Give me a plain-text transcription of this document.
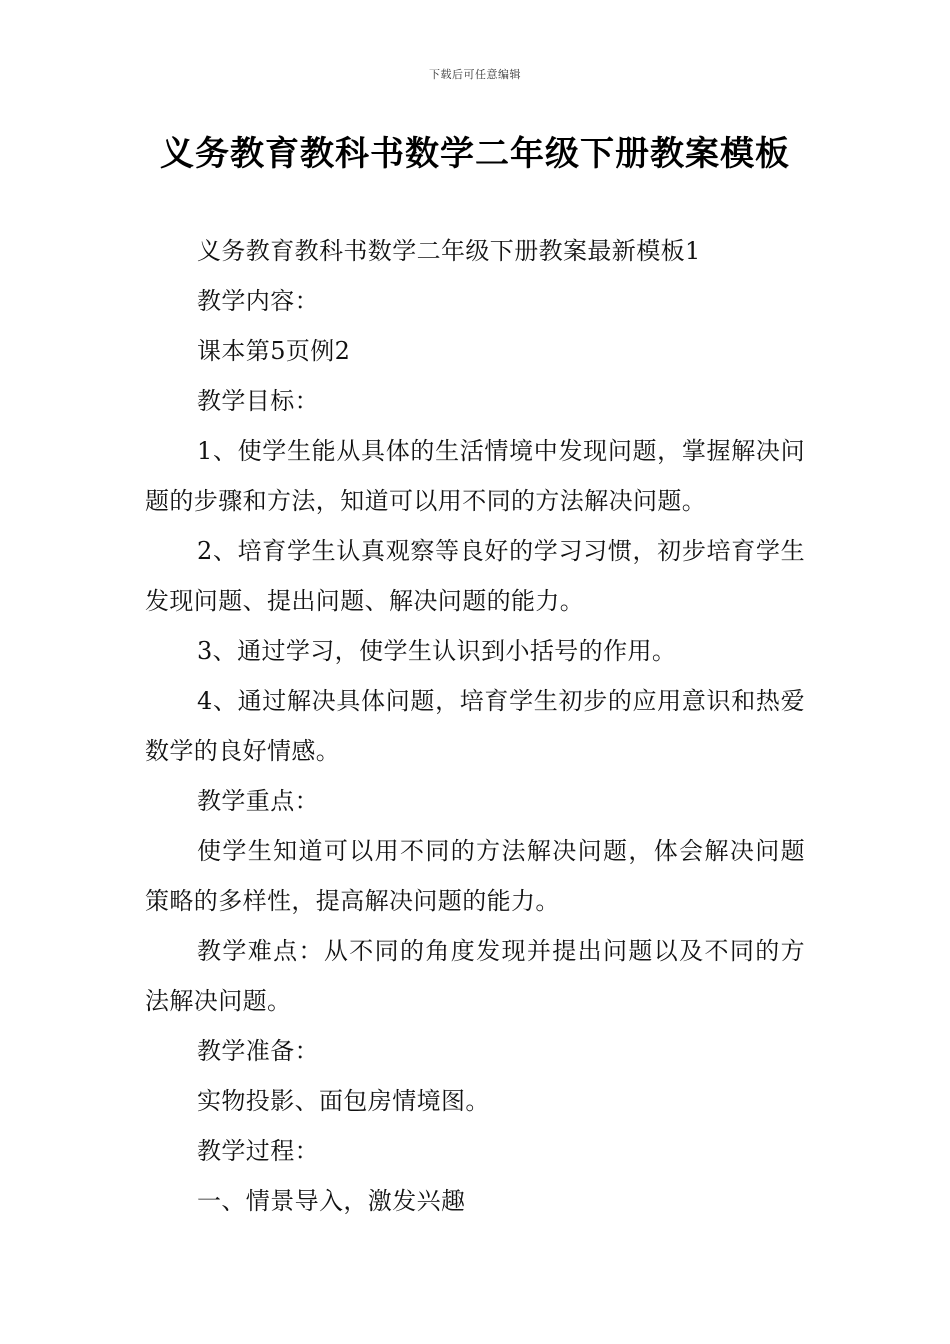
下载后可任意编辑
义务教育教科书数学二年级下册教案模板

义务教育教科书数学二年级下册教案最新模板1

教学内容：

课本第5页例2

教学目标：

1、使学生能从具体的生活情境中发现问题，掌握解决问题的步骤和方法，知道可以用不同的方法解决问题。

2、培育学生认真观察等良好的学习习惯，初步培育学生发现问题、提出问题、解决问题的能力。

3、通过学习，使学生认识到小括号的作用。

4、通过解决具体问题，培育学生初步的应用意识和热爱数学的良好情感。

教学重点：

使学生知道可以用不同的方法解决问题，体会解决问题策略的多样性，提高解决问题的能力。

教学难点：从不同的角度发现并提出问题以及不同的方法解决问题。

教学准备：

实物投影、面包房情境图。

教学过程：

一、情景导入，激发兴趣
